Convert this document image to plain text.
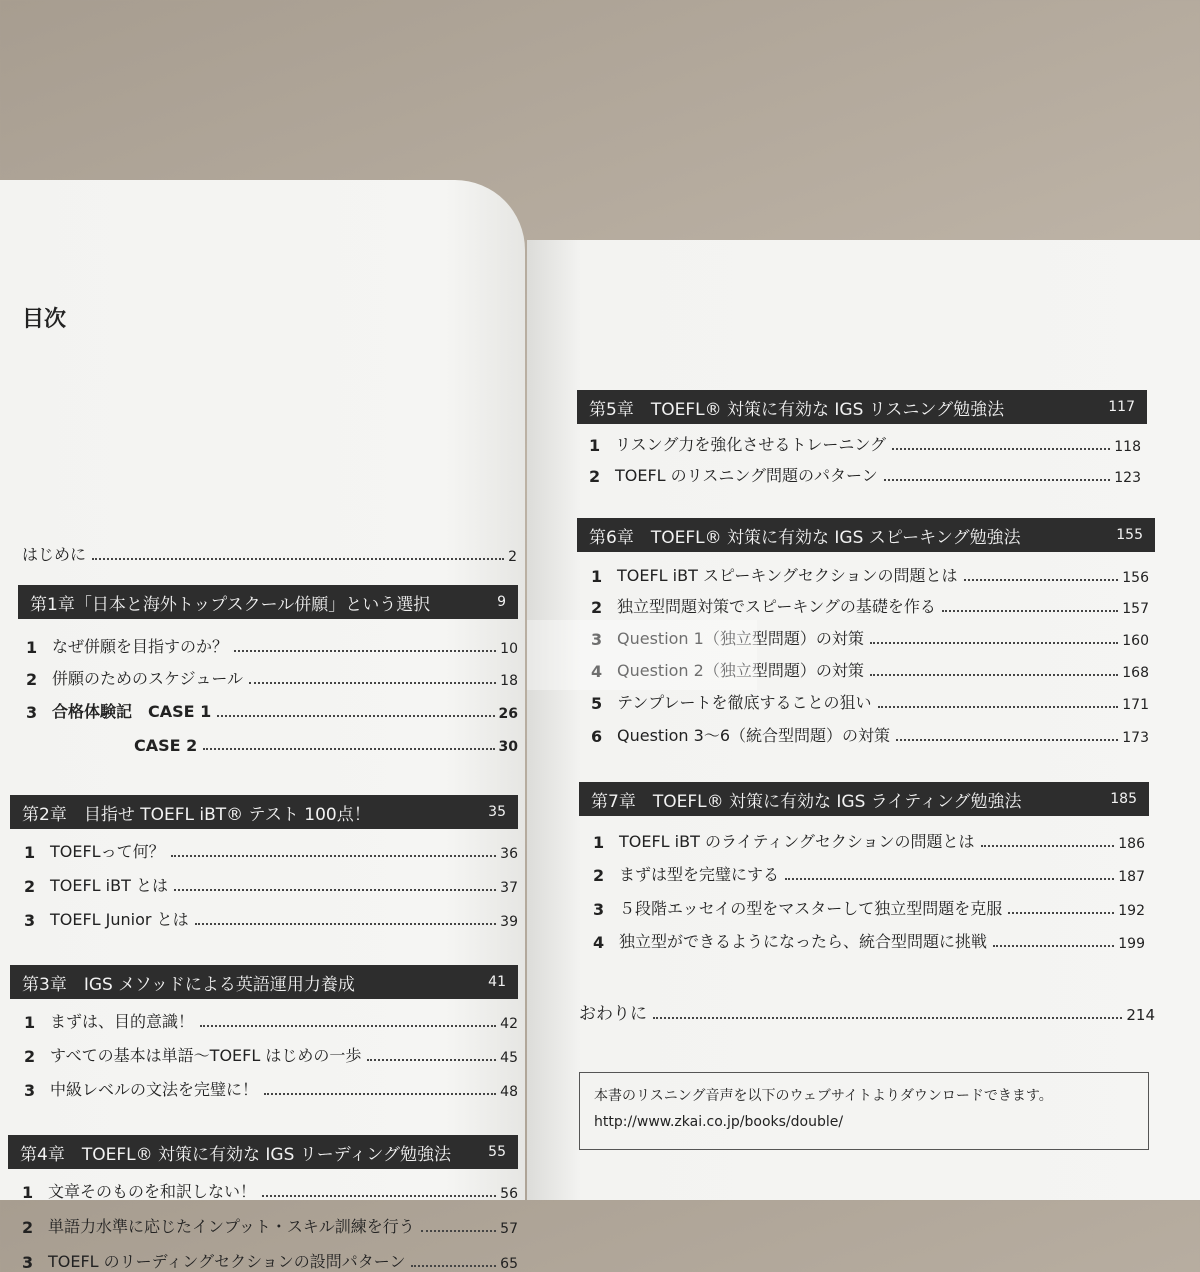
目次
はじめに	2
第1章「日本と海外トップスクール併願」という選択	9
1 なぜ併願を目指すのか？	10
2 併願のためのスケジュール	18
3 合格体験記　CASE 1	26
CASE 2	30
第2章　目指せ TOEFL iBT® テスト 100点！	35
1 TOEFLって何？	36
2 TOEFL iBT とは	37
3 TOEFL Junior とは	39
第3章　IGS メソッドによる英語運用力養成	41
1 まずは、目的意識！	42
2 すべての基本は単語～TOEFL はじめの一歩	45
3 中級レベルの文法を完璧に！	48
第4章　TOEFL® 対策に有効な IGS リーディング勉強法	55
1 文章そのものを和訳しない！	56
2 単語力水準に応じたインプット・スキル訓練を行う	57
3 TOEFL のリーディングセクションの設問パターン	65
第5章　TOEFL® 対策に有効な IGS リスニング勉強法	117
1 リスング力を強化させるトレーニング	118
2 TOEFL のリスニング問題のパターン	123
第6章　TOEFL® 対策に有効な IGS スピーキング勉強法	155
1 TOEFL iBT スピーキングセクションの問題とは	156
2 独立型問題対策でスピーキングの基礎を作る	157
3 Question 1（独立型問題）の対策	160
4 Question 2（独立型問題）の対策	168
5 テンプレートを徹底することの狙い	171
6 Question 3～6（統合型問題）の対策	173
第7章　TOEFL® 対策に有効な IGS ライティング勉強法	185
1 TOEFL iBT のライティングセクションの問題とは	186
2 まずは型を完璧にする	187
3 ５段階エッセイの型をマスターして独立型問題を克服	192
4 独立型ができるようになったら、統合型問題に挑戦	199
おわりに	214
本書のリスニング音声を以下のウェブサイトよりダウンロードできます。
http://www.zkai.co.jp/books/double/
